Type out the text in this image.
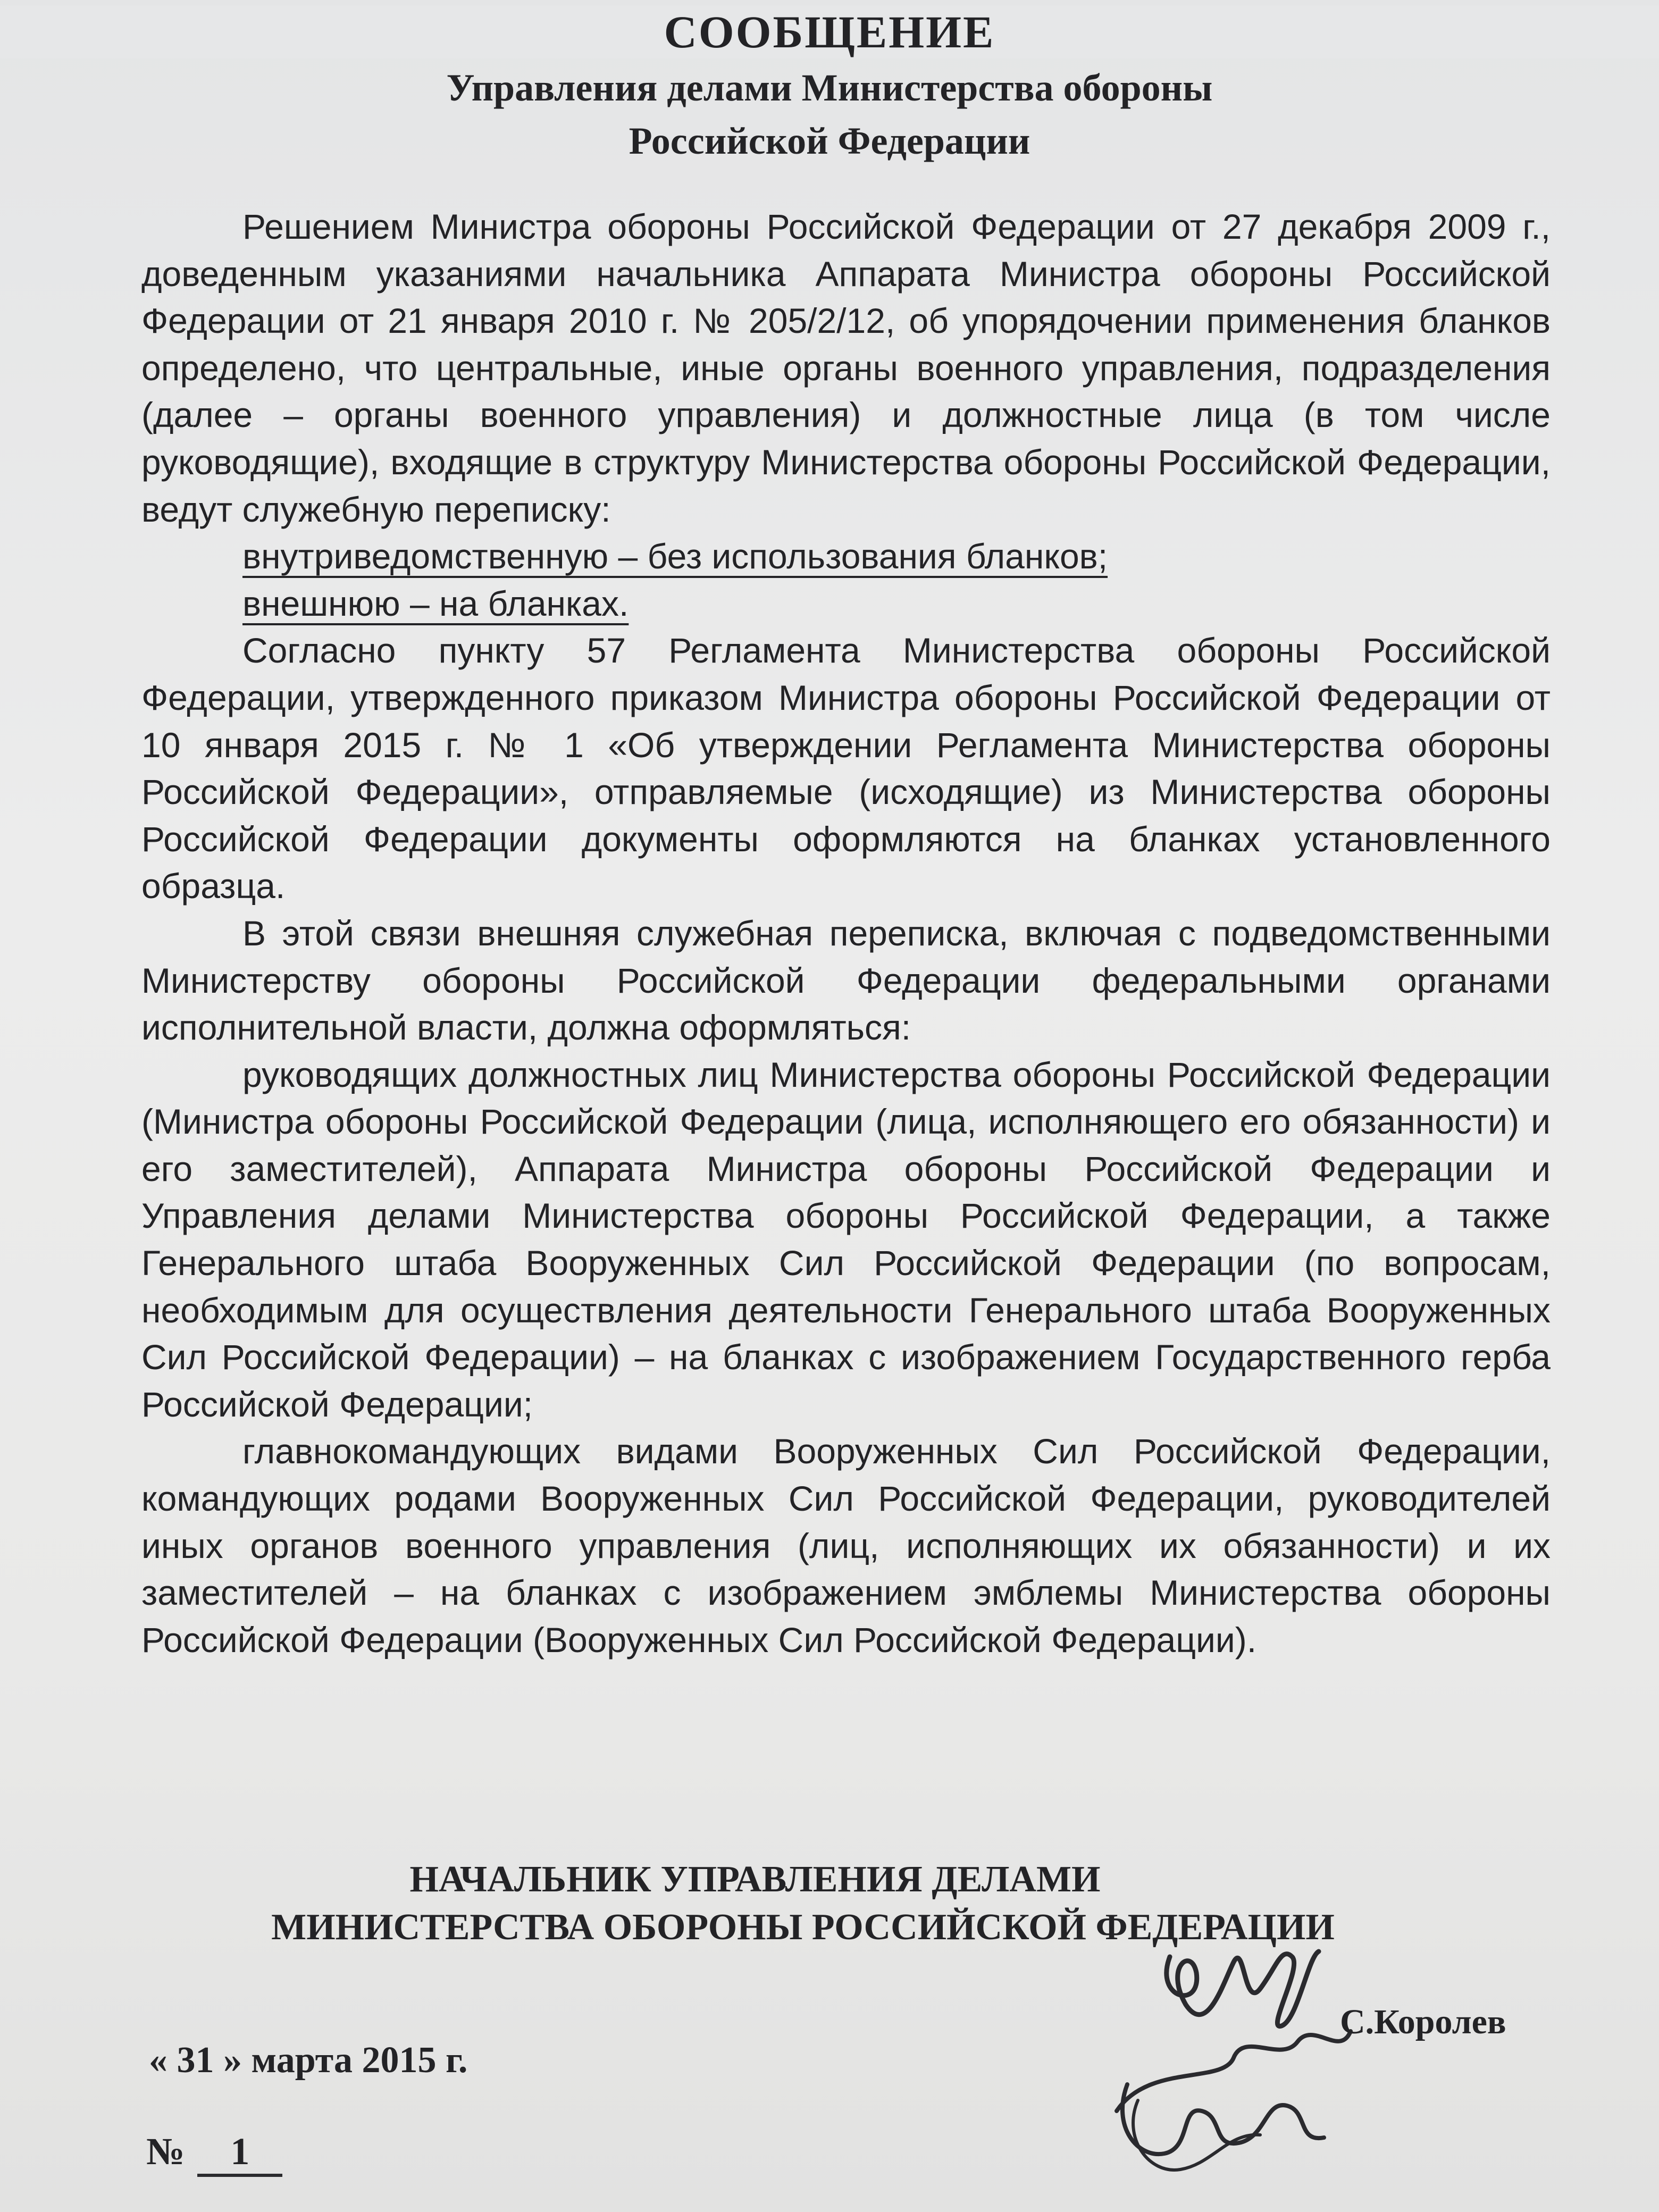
СООБЩЕНИЕ
Управления делами Министерства обороны
Российской Федерации

Решением Министра обороны Российской Федерации от 27 декабря 2009 г., доведенным указаниями начальника Аппарата Министра обороны Российской Федерации от 21 января 2010 г. № 205/2/12, об упорядочении применения бланков определено, что центральные, иные органы военного управления, подразделения (далее – органы военного управления) и должностные лица (в том числе руководящие), входящие в структуру Министерства обороны Российской Федерации, ведут служебную переписку:

внутриведомственную – без использования бланков;

внешнюю – на бланках.

Согласно пункту 57 Регламента Министерства обороны Российской Федерации, утвержденного приказом Министра обороны Российской Федерации от 10 января 2015 г. № 1 «Об утверждении Регламента Министерства обороны Российской Федерации», отправляемые (исходящие) из Министерства обороны Российской Федерации документы оформляются на бланках установленного образца.

В этой связи внешняя служебная переписка, включая с подведомственными Министерству обороны Российской Федерации федеральными органами исполнительной власти, должна оформляться:

руководящих должностных лиц Министерства обороны Российской Федерации (Министра обороны Российской Федерации (лица, исполняющего его обязанности) и его заместителей), Аппарата Министра обороны Российской Федерации и Управления делами Министерства обороны Российской Федерации, а также Генерального штаба Вооруженных Сил Российской Федерации (по вопросам, необходимым для осуществления деятельности Генерального штаба Вооруженных Сил Российской Федерации) – на бланках с изображением Государственного герба Российской Федерации;

главнокомандующих видами Вооруженных Сил Российской Федерации, командующих родами Вооруженных Сил Российской Федерации, руководителей иных органов военного управления (лиц, исполняющих их обязанности) и их заместителей – на бланках с изображением эмблемы Министерства обороны Российской Федерации (Вооруженных Сил Российской Федерации).

НАЧАЛЬНИК УПРАВЛЕНИЯ ДЕЛАМИ
МИНИСТЕРСТВА ОБОРОНЫ РОССИЙСКОЙ ФЕДЕРАЦИИ
С.Королев
« 31 » марта 2015 г.
№ 1
